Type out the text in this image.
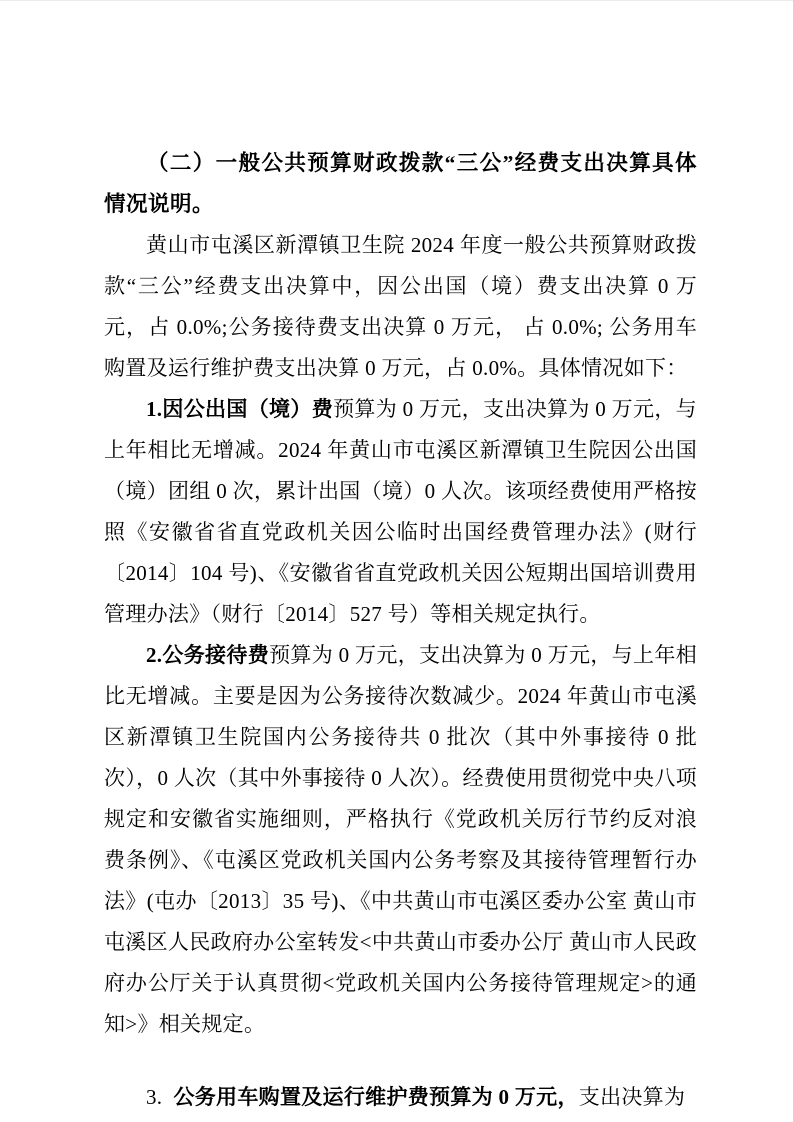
（二）一般公共预算财政拨款“三公”经费支出决算具体情况说明。

黄山市屯溪区新潭镇卫生院 2024 年度一般公共预算财政拨款“三公”经费支出决算中，因公出国（境）费支出决算 0 万元，占 0.0%;公务接待费支出决算 0 万元， 占 0.0%; 公务用车购置及运行维护费支出决算 0 万元，占 0.0%。具体情况如下：

1.因公出国（境）费预算为 0 万元，支出决算为 0 万元，与上年相比无增减。2024 年黄山市屯溪区新潭镇卫生院因公出国（境）团组 0 次，累计出国（境）0 人次。该项经费使用严格按照《安徽省省直党政机关因公临时出国经费管理办法》(财行〔2014〕104 号)、《安徽省省直党政机关因公短期出国培训费用管理办法》（财行〔2014〕527 号）等相关规定执行。

2.公务接待费预算为 0 万元，支出决算为 0 万元，与上年相比无增减。主要是因为公务接待次数减少。2024 年黄山市屯溪区新潭镇卫生院国内公务接待共 0 批次（其中外事接待 0 批次），0 人次（其中外事接待 0 人次）。经费使用贯彻党中央八项规定和安徽省实施细则，严格执行《党政机关厉行节约反对浪费条例》、《屯溪区党政机关国内公务考察及其接待管理暂行办法》(屯办〔2013〕35 号)、《中共黄山市屯溪区委办公室 黄山市屯溪区人民政府办公室转发<中共黄山市委办公厅 黄山市人民政府办公厅关于认真贯彻<党政机关国内公务接待管理规定>的通知>》相关规定。

3.  公务用车购置及运行维护费预算为 0 万元，支出决算为
